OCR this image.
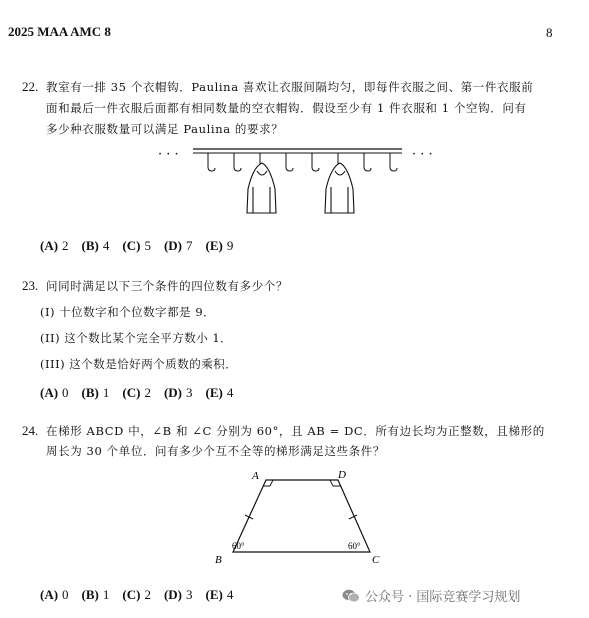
2025 MAA AMC 8	8
22. 教室有一排 35 个衣帽钩．Paulina 喜欢让衣服间隔均匀，即每件衣服之间、第一件衣服前
面和最后一件衣服后面都有相同数量的空衣帽钩．假设至少有 1 件衣服和 1 个空钩．问有
多少种衣服数量可以满足 Paulina 的要求？
· · ·	· · ·
(A) 2 (B) 4 (C) 5 (D) 7 (E) 9
23. 问同时满足以下三个条件的四位数有多少个？
(I) 十位数字和个位数字都是 9．
(II) 这个数比某个完全平方数小 1．
(III) 这个数是恰好两个质数的乘积．
(A) 0 (B) 1 (C) 2 (D) 3 (E) 4
24. 在梯形 ABCD 中，∠B 和 ∠C 分别为 60°，且 AB = DC．所有边长均为正整数，且梯形的
周长为 30 个单位．问有多少个互不全等的梯形满足这些条件？
A	D
B	C
60°	60°
(A) 0 (B) 1 (C) 2 (D) 3 (E) 4	公众号 · 国际竞赛学习规划
